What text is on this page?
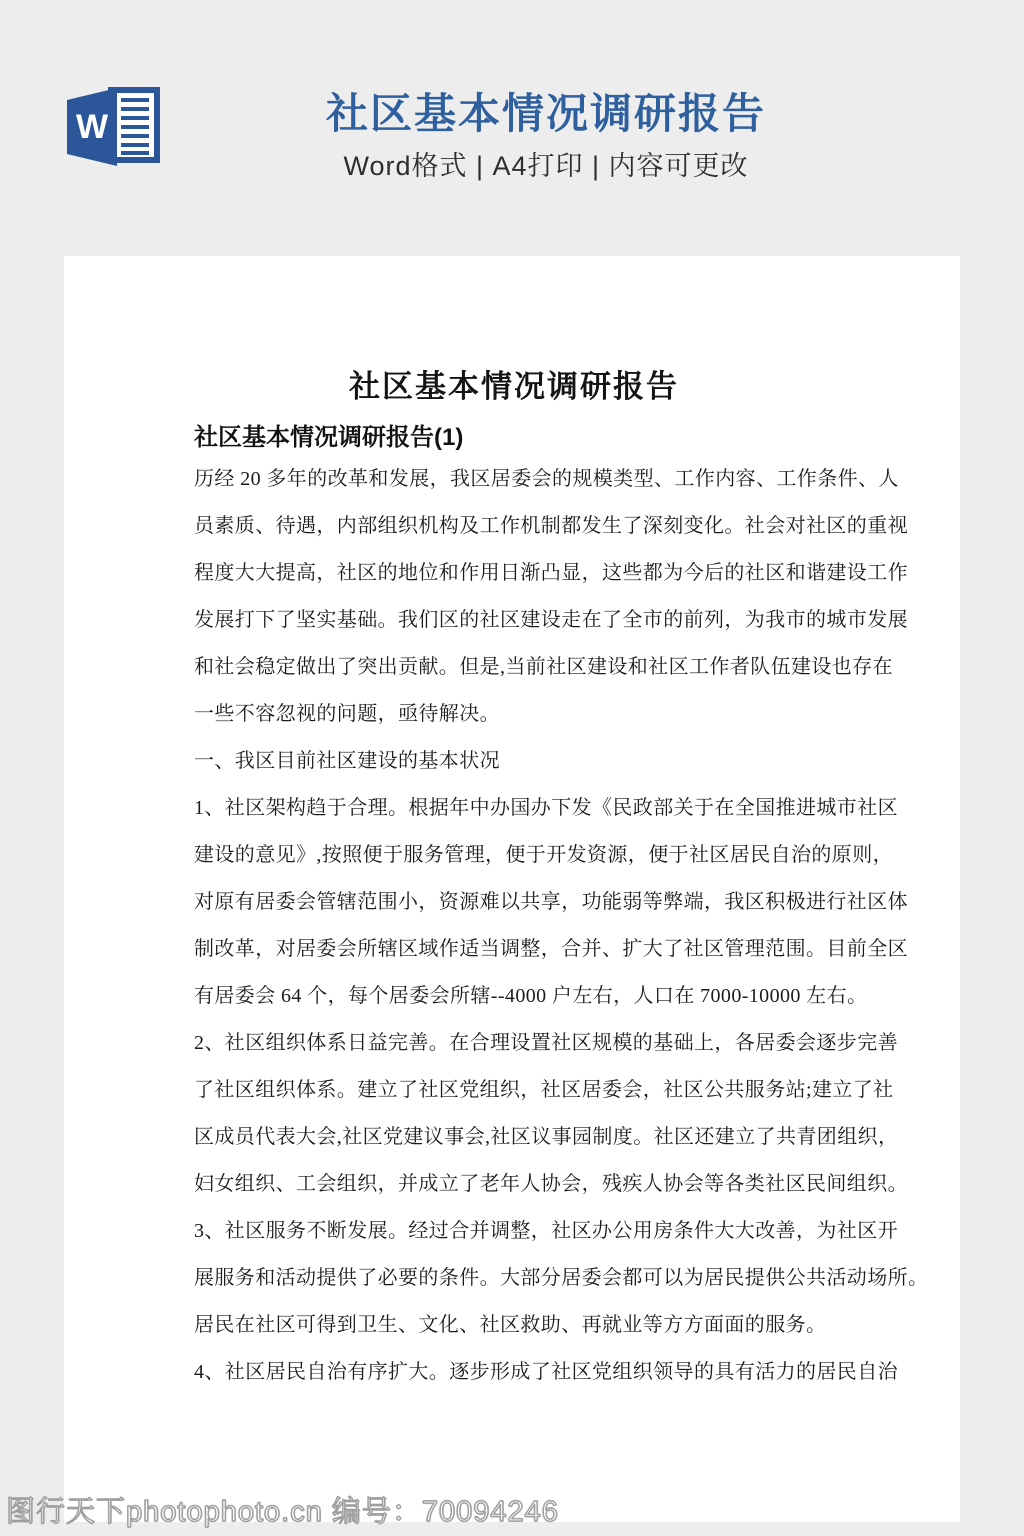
W	社区基本情况调研报告
Word格式 | A4打印 | 内容可更改
社区基本情况调研报告
社区基本情况调研报告(1)
历经 20 多年的改革和发展，我区居委会的规模类型、工作内容、工作条件、人
员素质、待遇，内部组织机构及工作机制都发生了深刻变化。社会对社区的重视
程度大大提高，社区的地位和作用日渐凸显，这些都为今后的社区和谐建设工作
发展打下了坚实基础。我们区的社区建设走在了全市的前列，为我市的城市发展
和社会稳定做出了突出贡献。但是,当前社区建设和社区工作者队伍建设也存在
一些不容忽视的问题，亟待解决。
一、我区目前社区建设的基本状况
1、社区架构趋于合理。根据年中办国办下发《民政部关于在全国推进城市社区
建设的意见》,按照便于服务管理，便于开发资源，便于社区居民自治的原则，
对原有居委会管辖范围小，资源难以共享，功能弱等弊端，我区积极进行社区体
制改革，对居委会所辖区域作适当调整，合并、扩大了社区管理范围。目前全区
有居委会 64 个，每个居委会所辖--4000 户左右，人口在 7000-10000 左右。
2、社区组织体系日益完善。在合理设置社区规模的基础上，各居委会逐步完善
了社区组织体系。建立了社区党组织，社区居委会，社区公共服务站;建立了社
区成员代表大会,社区党建议事会,社区议事园制度。社区还建立了共青团组织，
妇女组织、工会组织，并成立了老年人协会，残疾人协会等各类社区民间组织。
3、社区服务不断发展。经过合并调整，社区办公用房条件大大改善，为社区开
展服务和活动提供了必要的条件。大部分居委会都可以为居民提供公共活动场所。
居民在社区可得到卫生、文化、社区救助、再就业等方方面面的服务。
4、社区居民自治有序扩大。逐步形成了社区党组织领导的具有活力的居民自治
图行天下photophoto.cn 编号：70094246
